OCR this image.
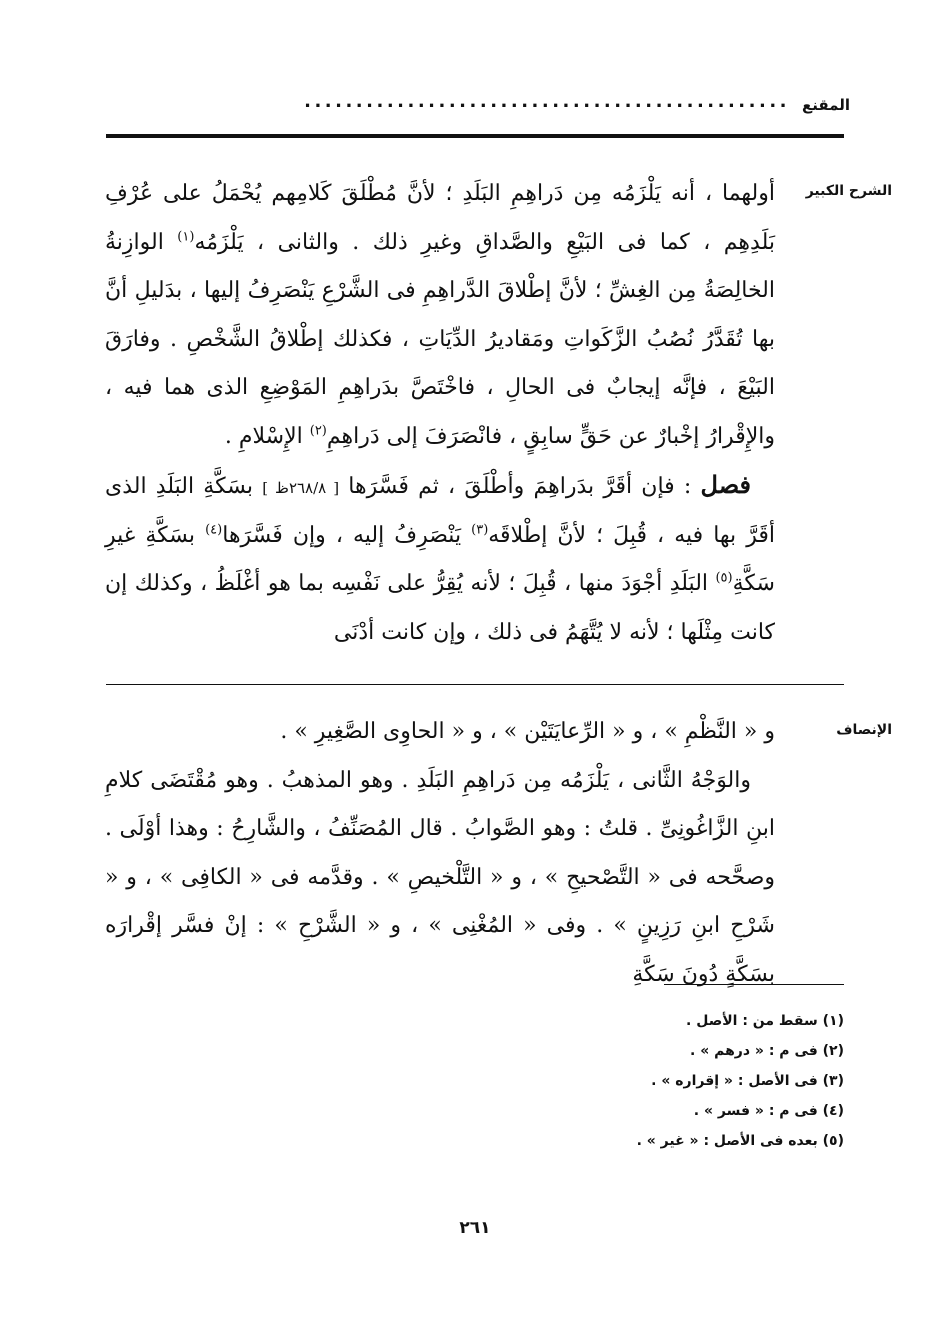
المقنع
...............................................
الشرح الكبير

أولهما ، أنه يَلْزَمُه مِن دَراهِمِ البَلَدِ ؛ لأنَّ مُطْلَقَ كَلامِهم يُحْمَلُ على عُرْفِ بَلَدِهِم ، كما فى البَيْعِ والصَّداقِ وغيرِ ذلك . والثانى ، يَلْزَمُه$^{(١)}$ الوازِنةُ الخالِصَةُ مِن الغِشِّ ؛ لأنَّ إطْلاقَ الدَّراهِمِ فى الشَّرْعِ يَنْصَرِفُ إليها ، بدَليلِ أنَّ بها تُقَدَّرُ نُصُبُ الزَّكَواتِ ومَقاديرُ الدِّيَاتِ ، فكذلك إطْلاقُ الشَّخْصِ . وفارَقَ البَيْعَ ، فإنَّه إيجابٌ فى الحالِ ، فاخْتَصَّ بدَراهِمِ المَوْضِعِ الذى هما فيه ، والإِقْرارُ إخْبارٌ عن حَقٍّ سابِقٍ ، فانْصَرَفَ إلى دَراهِمِ$^{(٢)}$ الإِسْلامِ .

فصل : فإن أقَرَّ بدَراهِمَ وأطْلَقَ ، ثم فَسَّرَها [ ٢٦٨/٨ظ ] بسَكَّةِ البَلَدِ الذى أقَرَّ بها فيه ، قُبِلَ ؛ لأنَّ إطْلاقَه$^{(٣)}$ يَنْصَرِفُ إليه ، وإن فَسَّرَها$^{(٤)}$ بسَكَّةِ غيرِ سَكَّةِ$^{(٥)}$ البَلَدِ أجْوَدَ منها ، قُبِلَ ؛ لأنه يُقِرُّ على نَفْسِه بما هو أغْلَظُ ، وكذلك إن كانت مِثْلَها ؛ لأنه لا يُتَّهَمُ فى ذلك ، وإن كانت أدْنَى

الإنصاف

و « النَّظْمِ » ، و « الرِّعايَتَيْن » ، و « الحاوِى الصَّغِيرِ » .

والوَجْهُ الثَّانى ، يَلْزَمُه مِن دَراهِمِ البَلَدِ . وهو المذهبُ . وهو مُقْتَضَى كلامِ ابنِ الزَّاغُونِىِّ . قلتُ : وهو الصَّوابُ . قال المُصَنِّفُ ، والشَّارِحُ : وهذا أوْلَى . وصحَّحه فى « التَّصْحيحِ » ، و « التَّلْخيصِ » . وقدَّمه فى « الكافِى » ، و « شَرْحِ ابنِ رَزِينٍ » . وفى « المُغْنِى » ، و « الشَّرْحِ » : إنْ فسَّر إقْرارَه بسَكَّةٍ دُونَ سَكَّةِ

(١) سقط من : الأصل .
(٢) فى م : « درهم » .
(٣) فى الأصل : « إقراره » .
(٤) فى م : « فسر » .
(٥) بعده فى الأصل : « غير » .
٢٦١
